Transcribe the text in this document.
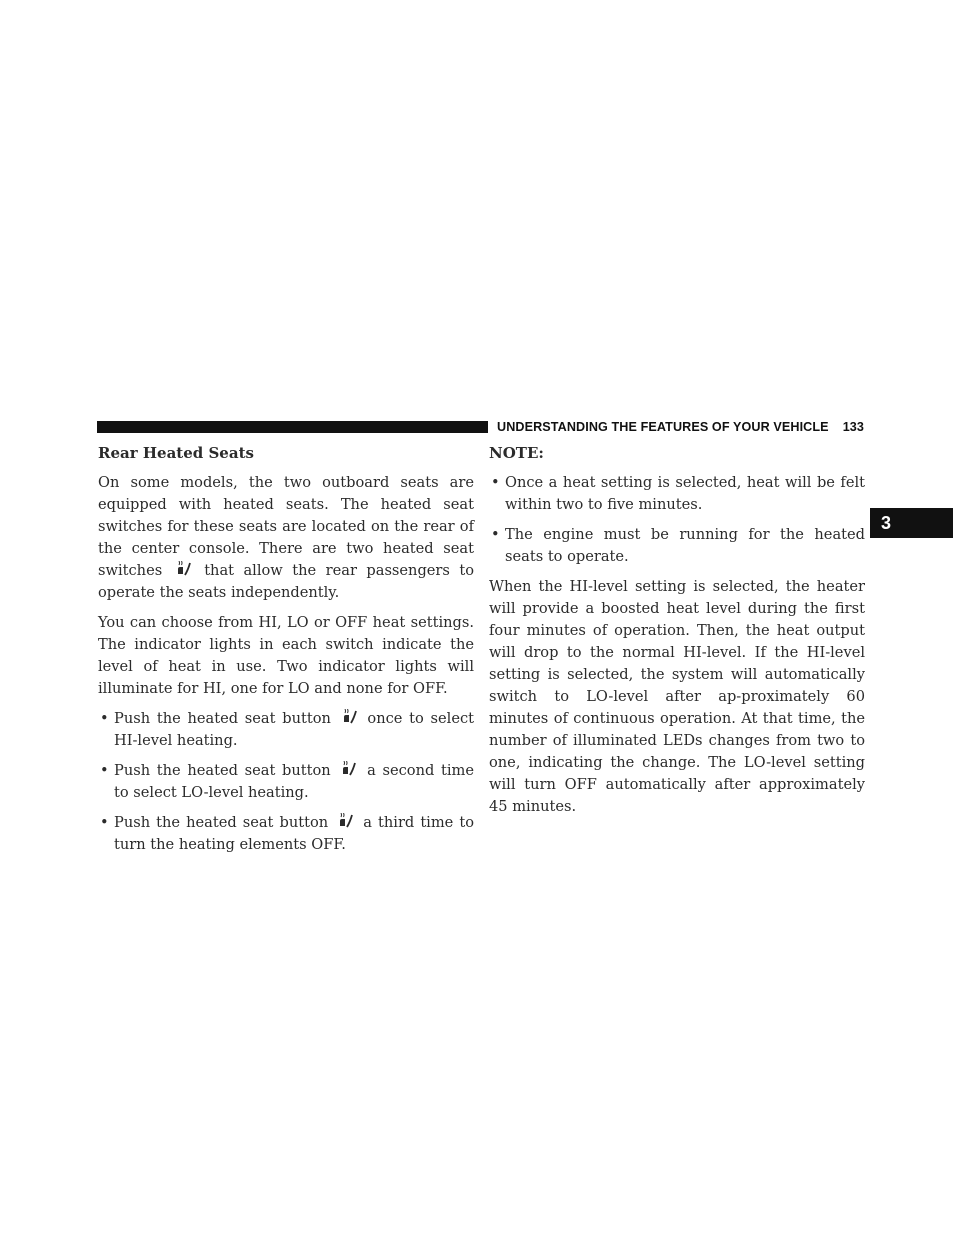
UNDERSTANDING THE FEATURES OF YOUR VEHICLE 133
3
Rear Heated Seats

On some models, the two outboard seats are equipped with heated seats. The heated seat switches for these seats are located on the rear of the center console. There are two heated seat switches	that allow the rear passengers to operate the seats independently.

You can choose from HI, LO or OFF heat settings. The indicator lights in each switch indicate the level of heat in use. Two indicator lights will illuminate for HI, one for LO and none for OFF.

• Push the heated seat button	once to select HI-level heating.
• Push the heated seat button a second time to select LO-level heating.
• Push the heated seat button a third time to turn the heating elements OFF.
NOTE:
• Once a heat setting is selected, heat will be felt within two to five minutes.
• The engine must be running for the heated seats to operate.

When the HI-level setting is selected, the heater will provide a boosted heat level during the first four minutes of operation. Then, the heat output will drop to the normal HI-level. If the HI-level setting is selected, the system will automatically switch to LO-level after ap-proximately 60 minutes of continuous operation. At that time, the number of illuminated LEDs changes from two to one, indicating the change. The LO-level setting will turn OFF automatically after approximately 45 minutes.
